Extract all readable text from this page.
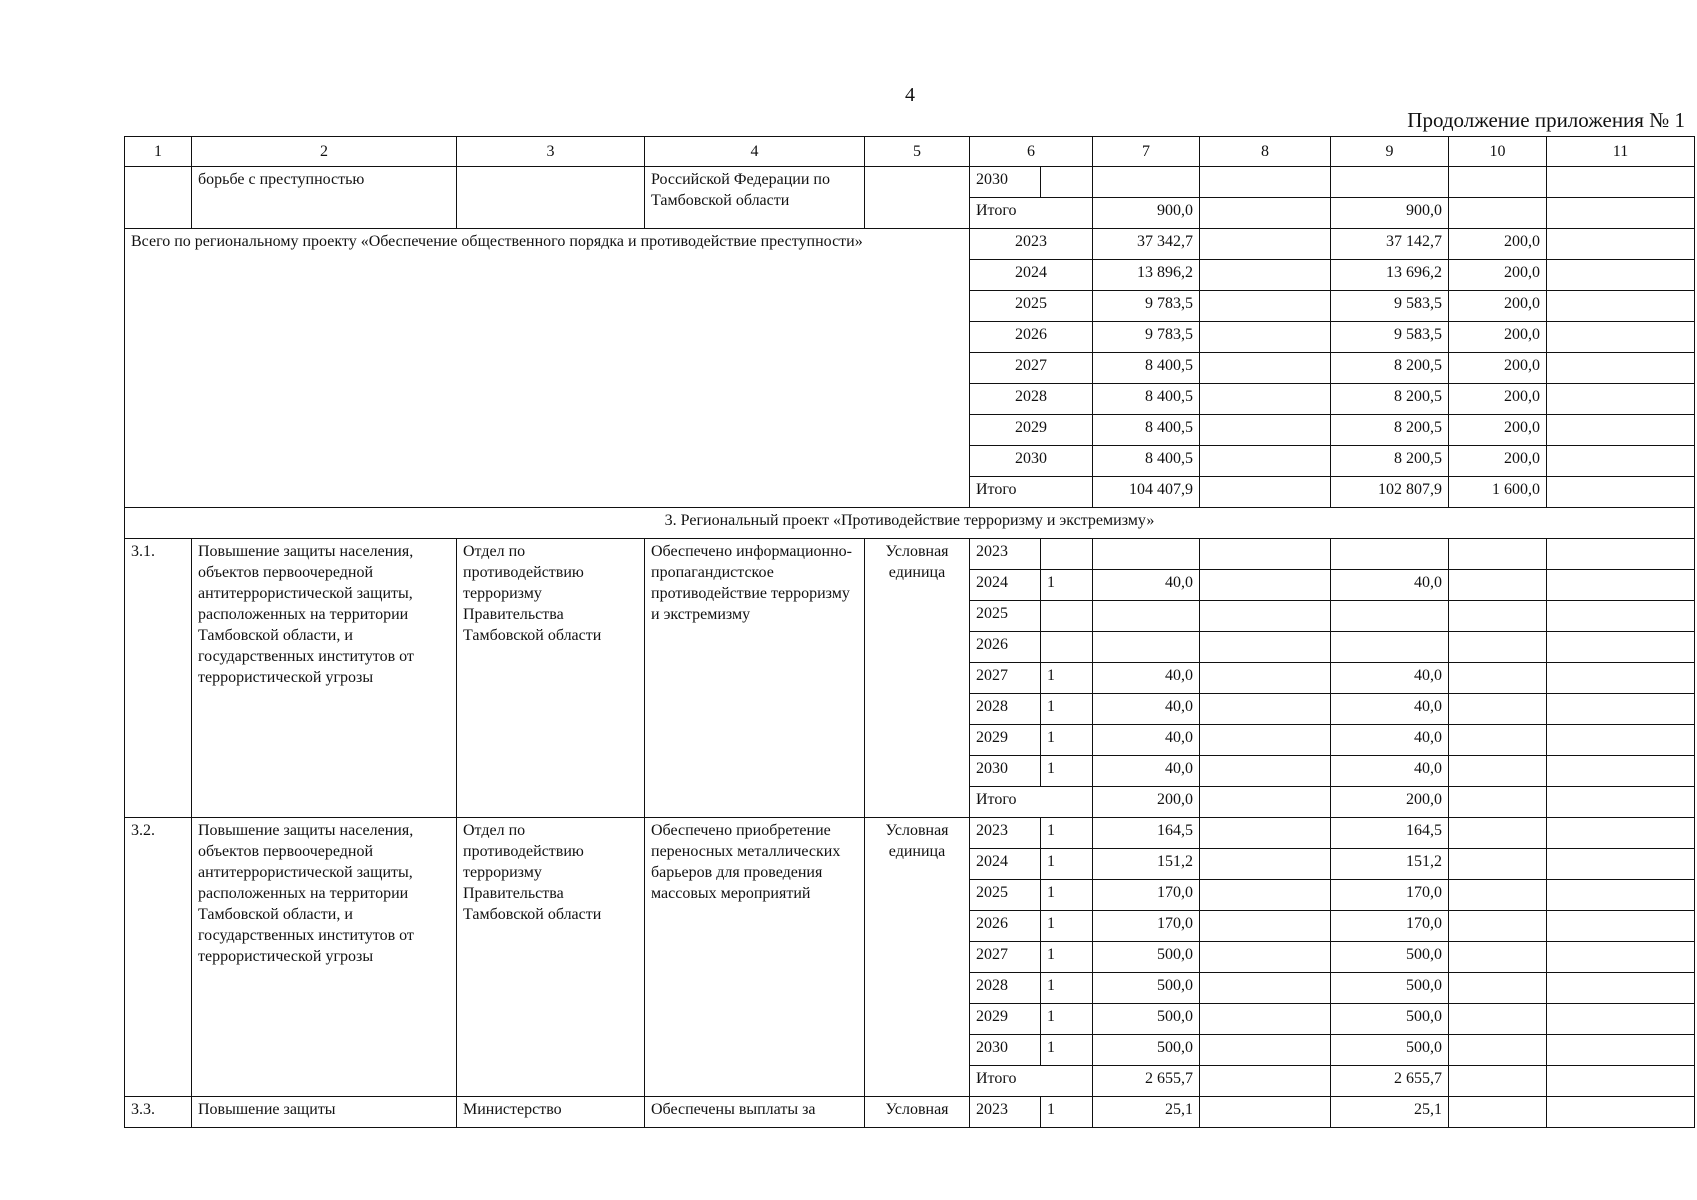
4
Продолжение приложения № 1
1	2	3	4	5	6		7	8	9	10	11
	борьбе с преступностью		Российской Федерации по Тамбовской области		2030						
					Итого		900,0		900,0		
Всего по региональному проекту «Обеспечение общественного порядка и противодействие преступности»					2023		37 342,7		37 142,7	200,0	
					2024		13 896,2		13 696,2	200,0	
					2025		9 783,5		9 583,5	200,0	
					2026		9 783,5		9 583,5	200,0	
					2027		8 400,5		8 200,5	200,0	
					2028		8 400,5		8 200,5	200,0	
					2029		8 400,5		8 200,5	200,0	
					2030		8 400,5		8 200,5	200,0	
					Итого		104 407,9		102 807,9	1 600,0	
3. Региональный проект «Противодействие терроризму и экстремизму»											
3.1.	Повышение защиты населения, объектов первоочередной антитеррористической защиты, расположенных на территории Тамбовской области, и государственных институтов от террористической угрозы	Отдел по противодействию терроризму Правительства Тамбовской области	Обеспечено информационно-пропагандистское противодействие терроризму и экстремизму	Условная единица	2023						
					2024	1	40,0		40,0		
					2025						
					2026						
					2027	1	40,0		40,0		
					2028	1	40,0		40,0		
					2029	1	40,0		40,0		
					2030	1	40,0		40,0		
					Итого		200,0		200,0		
3.2.	Повышение защиты населения, объектов первоочередной антитеррористической защиты, расположенных на территории Тамбовской области, и государственных институтов от террористической угрозы	Отдел по противодействию терроризму Правительства Тамбовской области	Обеспечено приобретение переносных металлических барьеров для проведения массовых мероприятий	Условная единица	2023	1	164,5		164,5		
					2024	1	151,2		151,2		
					2025	1	170,0		170,0		
					2026	1	170,0		170,0		
					2027	1	500,0		500,0		
					2028	1	500,0		500,0		
					2029	1	500,0		500,0		
					2030	1	500,0		500,0		
					Итого		2 655,7		2 655,7		
3.3.	Повышение защиты	Министерство	Обеспечены выплаты за	Условная	2023	1	25,1		25,1		
